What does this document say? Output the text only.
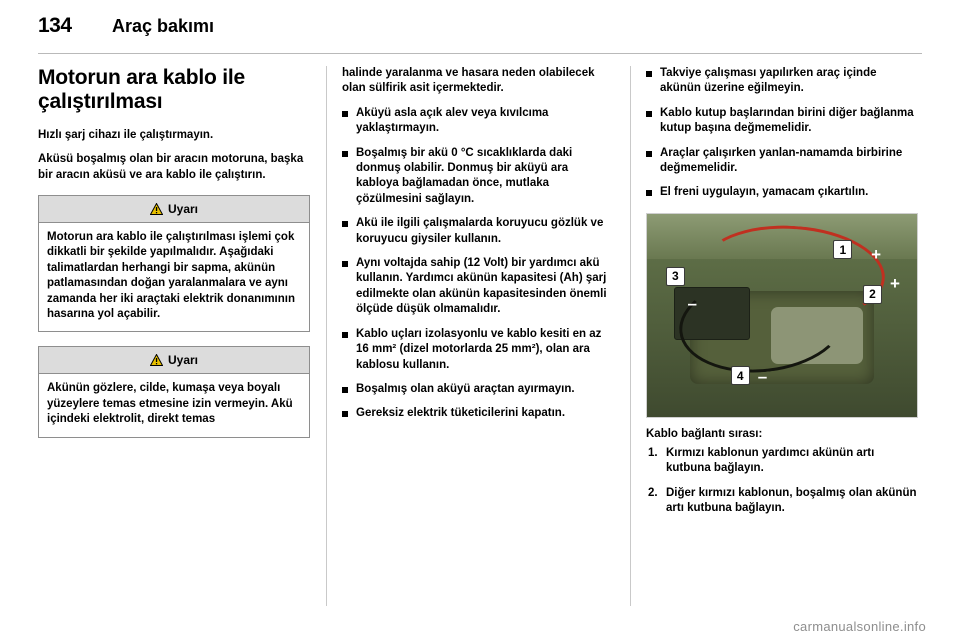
134 Araç bakımı
Motorun ara kablo ile çalıştırılması

Hızlı şarj cihazı ile çalıştırmayın.

Aküsü boşalmış olan bir aracın motoruna, başka bir aracın aküsü ve ara kablo ile çalıştırın.

Uyarı
Motorun ara kablo ile çalıştırılması işlemi çok dikkatli bir şekilde yapılmalıdır. Aşağıdaki talimatlardan herhangi bir sapma, akünün patlamasından doğan yaralanmalara ve aynı zamanda her iki araçtaki elektrik donanımının hasarına yol açabilir.
Uyarı
Akünün gözlere, cilde, kumaşa veya boyalı yüzeylere temas etmesine izin vermeyin. Akü içindeki elektrolit, direkt temas

halinde yaralanma ve hasara neden olabilecek olan sülfirik asit içermektedir.

Aküyü asla açık alev veya kıvılcıma yaklaştırmayın.
Boşalmış bir akü 0 °C sıcaklıklarda daki donmuş olabilir. Donmuş bir aküyü ara kabloya bağlamadan önce, mutlaka çözülmesini sağlayın.
Akü ile ilgili çalışmalarda koruyucu gözlük ve koruyucu giysiler kullanın.
Aynı voltajda sahip (12 Volt) bir yardımcı akü kullanın. Yardımcı akünün kapasitesi (Ah) şarj edilmekte olan akünün kapasitesinden önemli ölçüde düşük olmamalıdır.
Kablo uçları izolasyonlu ve kablo kesiti en az 16 mm² (dizel motorlarda 25 mm²), olan ara kablosu kullanın.
Boşalmış olan aküyü araçtan ayırmayın.
Gereksiz elektrik tüketicilerini kapatın.
Takviye çalışması yapılırken araç içinde akünün üzerine eğilmeyin.
Kablo kutup başlarından birini diğer bağlanma kutup başına değmemelidir.
Araçlar çalışırken yanlan-namamda birbirine değmemelidir.
El freni uygulayın, yamacam çıkartılın.
1
2
3
4
+
+
–
–
Kablo bağlantı sırası:
Kırmızı kablonun yardımcı akünün artı kutbuna bağlayın.
Diğer kırmızı kablonun, boşalmış olan akünün artı kutbuna bağlayın.
carmanualsonline.info
